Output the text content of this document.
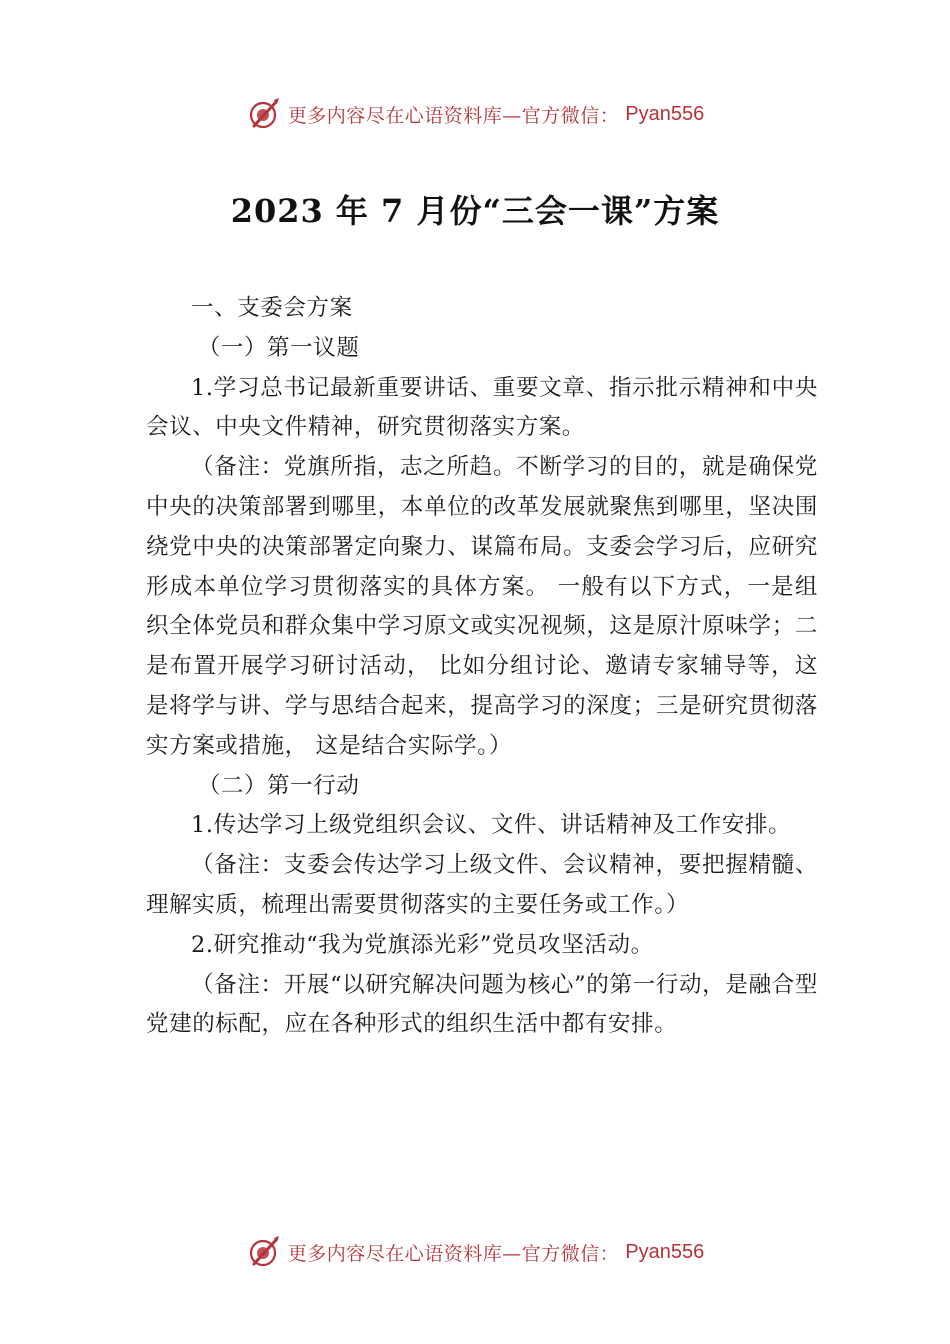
更多内容尽在心语资料库—官方微信： Pyan556
2023 年 7 月份“三会一课”方案

一、支委会方案

（一）第一议题

1.学习总书记最新重要讲话、重要文章、指示批示精神和中央会议、中央文件精神，研究贯彻落实方案。

（备注：党旗所指，志之所趋。不断学习的目的，就是确保党中央的决策部署到哪里，本单位的改革发展就聚焦到哪里，坚决围绕党中央的决策部署定向聚力、谋篇布局。支委会学习后，应研究形成本单位学习贯彻落实的具体方案。 一般有以下方式，一是组织全体党员和群众集中学习原文或实况视频，这是原汁原味学；二是布置开展学习研讨活动， 比如分组讨论、邀请专家辅导等，这是将学与讲、学与思结合起来，提高学习的深度；三是研究贯彻落实方案或措施， 这是结合实际学。）

（二）第一行动

1.传达学习上级党组织会议、文件、讲话精神及工作安排。

（备注：支委会传达学习上级文件、会议精神，要把握精髓、理解实质，梳理出需要贯彻落实的主要任务或工作。）

2.研究推动“我为党旗添光彩”党员攻坚活动。

（备注：开展“以研究解决问题为核心”的第一行动，是融合型党建的标配，应在各种形式的组织生活中都有安排。

更多内容尽在心语资料库—官方微信： Pyan556
